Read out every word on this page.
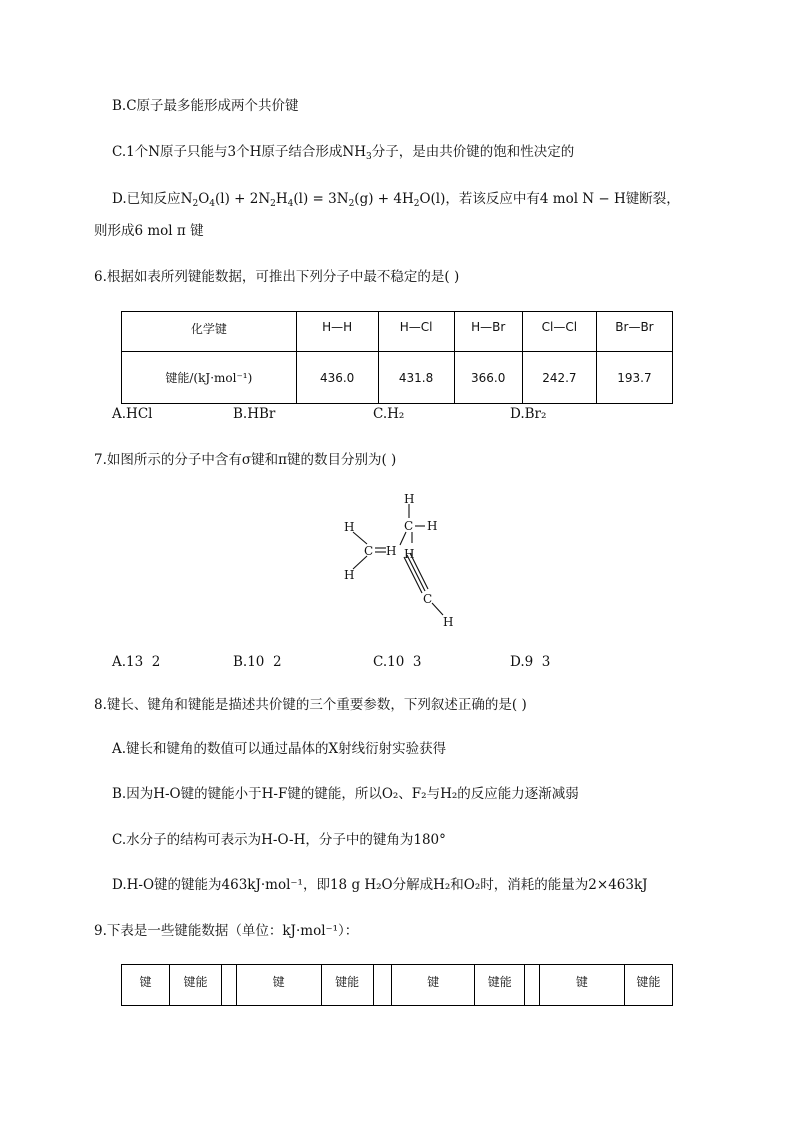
B.C原子最多能形成两个共价键
C.1个N原子只能与3个H原子结合形成$NH_3$分子，是由共价键的饱和性决定的
D.已知反应$N_2O_4(l) + 2N_2H_4(l) = 3N_2(g) + 4H_2O(l)$，若该反应中有4 mol N − H键断裂，
则形成6 mol π 键
6.根据如表所列键能数据，可推出下列分子中最不稳定的是( )
化学键	H—H	H—Cl	H—Br	Cl—Cl	Br—Br
键能/(kJ·mol⁻¹)	436.0	431.8	366.0	242.7	193.7
A.HCl	B.HBr	C.H₂	D.Br₂
7.如图所示的分子中含有σ键和π键的数目分别为( )
H
H
C
H
H
C
H
H
C
H
A.13  2	B.10  2	C.10  3	D.9  3
8.键长、键角和键能是描述共价键的三个重要参数，下列叙述正确的是( )
A.键长和键角的数值可以通过晶体的X射线衍射实验获得
B.因为H-O键的键能小于H-F键的键能，所以O₂、F₂与H₂的反应能力逐渐减弱
C.水分子的结构可表示为H-O-H，分子中的键角为180°
D.H-O键的键能为463kJ·mol⁻¹，即18 g H₂O分解成H₂和O₂时，消耗的能量为2×463kJ
9.下表是一些键能数据（单位：kJ·mol⁻¹）：
键	键能		键	键能		键	键能		键	键能
